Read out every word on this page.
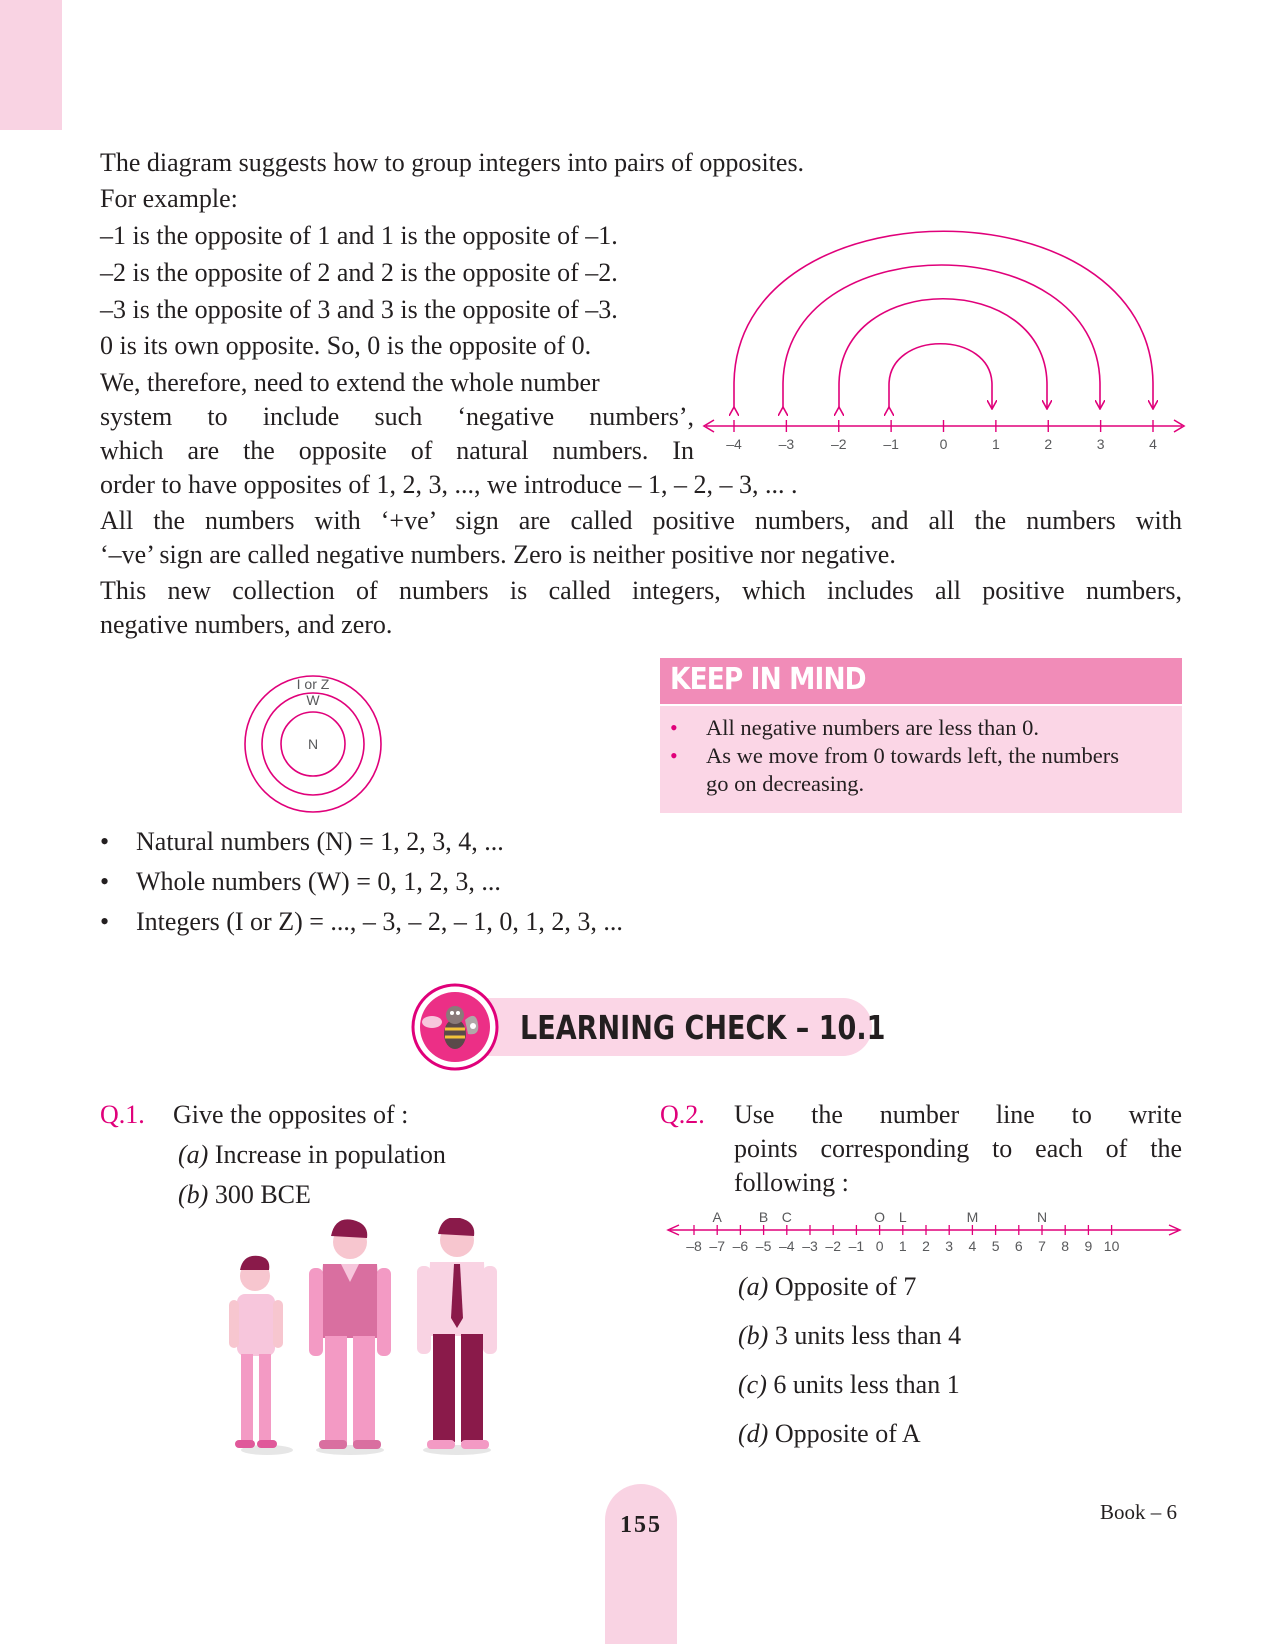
The diagram suggests how to group integers into pairs of opposites.

For example:

–1 is the opposite of 1 and 1 is the opposite of –1.

–2 is the opposite of 2 and 2 is the opposite of –2.

–3 is the opposite of 3 and 3 is the opposite of –3.

0 is its own opposite. So, 0 is the opposite of 0.

We, therefore, need to extend the whole number

system to include such ‘negative numbers’,

which are the opposite of natural numbers. In

order to have opposites of 1, 2, 3, ..., we introduce – 1, – 2, – 3, ... .

–4	–3	–2	–1	0	1	2	3	4

All the numbers with ‘+ve’ sign are called positive numbers, and all the numbers with

‘–ve’ sign are called negative numbers. Zero is neither positive nor negative.

This new collection of numbers is called integers, which includes all positive numbers,

negative numbers, and zero.

I or Z
W
N
KEEP IN MIND
• All negative numbers are less than 0.
• As we move from 0 towards left, the numbers
go on decreasing.
• Natural numbers (N) = 1, 2, 3, 4, ...
• Whole numbers (W) = 0, 1, 2, 3, ...
• Integers (I or Z) = ..., – 3, – 2, – 1, 0, 1, 2, 3, ...
LEARNING CHECK – 10.1
Q.1. Give the opposites of :
(a) Increase in population
(b) 300 BCE
Q.2. Use the number line to write

points corresponding to each of the

following :

A	B C	O L	M	N
–8 –7 –6 –5 –4 –3 –2 –1 0 1 2 3 4 5 6 7 8 9 10
(a) Opposite of 7
(b) 3 units less than 4
(c) 6 units less than 1
(d) Opposite of A
155	Book – 6
